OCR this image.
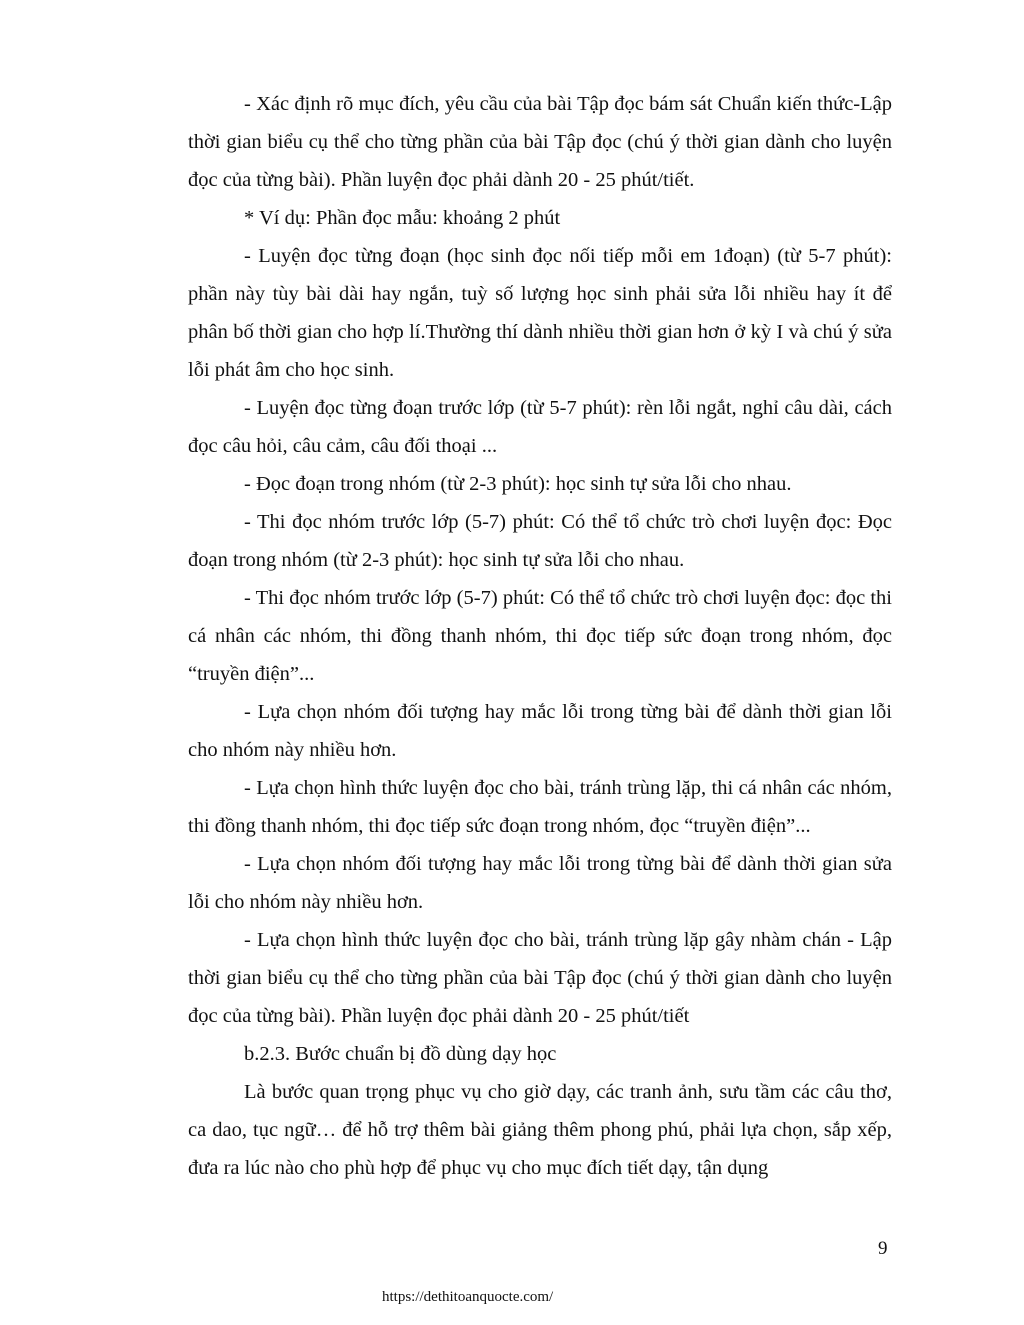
- Xác định rõ mục đích, yêu cầu của bài Tập đọc bám sát Chuẩn kiến thức-Lập thời gian biểu cụ thể cho từng phần của bài Tập đọc (chú ý thời gian dành cho luyện đọc của từng bài). Phần luyện đọc phải dành 20 - 25 phút/tiết.

* Ví dụ: Phần đọc mẫu: khoảng 2 phút

- Luyện đọc từng đoạn (học sinh đọc nối tiếp mỗi em 1đoạn) (từ 5-7 phút): phần này tùy bài dài hay ngắn, tuỳ số lượng học sinh phải sửa lỗi nhiều hay ít để phân bố thời gian cho hợp lí.Thường thí dành nhiều thời gian hơn ở kỳ I và chú ý sửa lỗi phát âm cho học sinh.

- Luyện đọc từng đoạn trước lớp (từ 5-7 phút): rèn lỗi ngắt, nghỉ câu dài, cách đọc câu hỏi, câu cảm, câu đối thoại ...

- Đọc đoạn trong nhóm (từ 2-3 phút): học sinh tự sửa lỗi cho nhau.

- Thi đọc nhóm trước lớp (5-7) phút: Có thể tổ chức trò chơi luyện đọc: Đọc đoạn trong nhóm (từ 2-3 phút): học sinh tự sửa lỗi cho nhau.

- Thi đọc nhóm trước lớp (5-7) phút: Có thể tổ chức trò chơi luyện đọc: đọc thi cá nhân các nhóm, thi đồng thanh nhóm, thi đọc tiếp sức đoạn trong nhóm, đọc “truyền điện”...

- Lựa chọn nhóm đối tượng hay mắc lỗi trong từng bài để dành thời gian lỗi cho nhóm này nhiều hơn.

- Lựa chọn hình thức luyện đọc cho bài, tránh trùng lặp, thi cá nhân các nhóm, thi đồng thanh nhóm, thi đọc tiếp sức đoạn trong nhóm, đọc “truyền điện”...

- Lựa chọn nhóm đối tượng hay mắc lỗi trong từng bài để dành thời gian sửa lỗi cho nhóm này nhiều hơn.

- Lựa chọn hình thức luyện đọc cho bài, tránh trùng lặp gây nhàm chán - Lập thời gian biểu cụ thể cho từng phần của bài Tập đọc (chú ý thời gian dành cho luyện đọc của từng bài). Phần luyện đọc phải dành 20 - 25 phút/tiết

b.2.3. Bước chuẩn bị đồ dùng dạy học

Là bước quan trọng phục vụ cho giờ dạy, các tranh ảnh, sưu tầm các câu thơ, ca dao, tục ngữ… để hỗ trợ thêm bài giảng thêm phong phú, phải lựa chọn, sắp xếp, đưa ra lúc nào cho phù hợp để phục vụ cho mục đích tiết dạy, tận dụng

9
https://dethitoanquocte.com/
